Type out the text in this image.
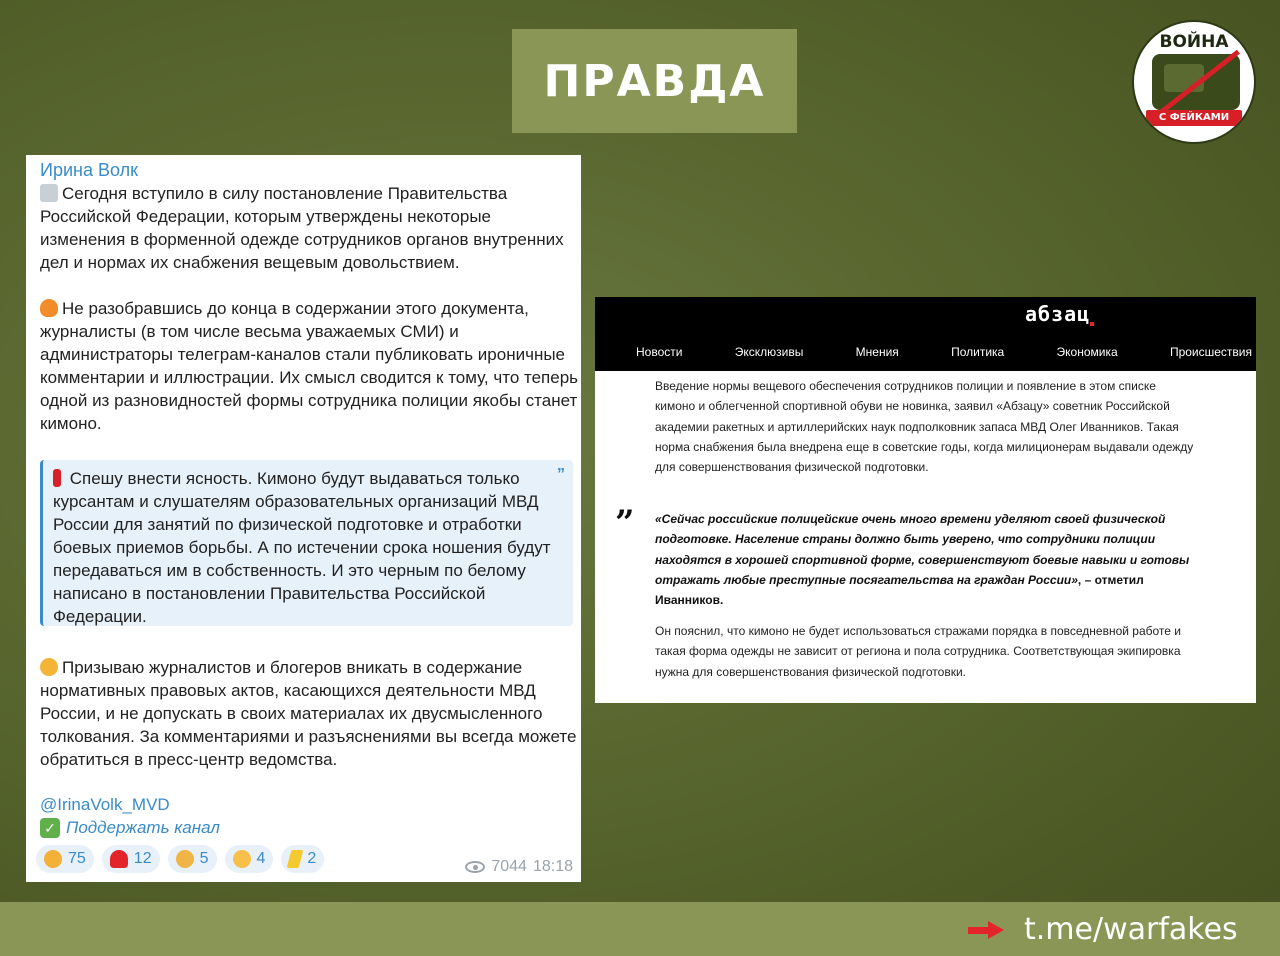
ПРАВДА
ВОЙНА
С ФЕЙКАМИ
Ирина Волк

Сегодня вступило в силу постановление Правительства Российской Федерации, которым утверждены некоторые изменения в форменной одежде сотрудников органов внутренних дел и нормах их снабжения вещевым довольствием.

Не разобравшись до конца в содержании этого документа, журналисты (в том числе весьма уважаемых СМИ) и администраторы телеграм-каналов стали публиковать ироничные комментарии и иллюстрации. Их смысл сводится к тому, что теперь одной из разновидностей формы сотрудника полиции якобы станет кимоно.

Спешу внести ясность. Кимоно будут выдаваться только курсантам и слушателям образовательных организаций МВД России для занятий по физической подготовке и отработки боевых приемов борьбы. А по истечении срока ношения будут передаваться им в собственность. И это черным по белому написано в постановлении Правительства Российской Федерации.

”

Призываю журналистов и блогеров вникать в содержание нормативных правовых актов, касающихся деятельности МВД России, и не допускать в своих материалах их двусмысленного толкования. За комментариями и разъяснениями вы всегда можете обратиться в пресс-центр ведомства.

@IrinaVolk_MVD
✓ Поддержать канал
75	12	5	4	2	7044 18:18
абзац
Новости	Эксклюзивы	Мнения	Политика	Экономика	Происшествия

Введение нормы вещевого обеспечения сотрудников полиции и появление в этом списке кимоно и облегченной спортивной обуви не новинка, заявил «Абзацу» советник Российской академии ракетных и артиллерийских наук подполковник запаса МВД Олег Иванников. Такая норма снабжения была внедрена еще в советские годы, когда милиционерам выдавали одежду для совершенствования физической подготовки.

” «Сейчас российские полицейские очень много времени уделяют своей физической подготовке. Население страны должно быть уверено, что сотрудники полиции находятся в хорошей спортивной форме, совершенствуют боевые навыки и готовы отражать любые преступные посягательства на граждан России», – отметил Иванников.

Он пояснил, что кимоно не будет использоваться стражами порядка в повседневной работе и такая форма одежды не зависит от региона и пола сотрудника. Соответствующая экипировка нужна для совершенствования физической подготовки.

t.me/warfakes
